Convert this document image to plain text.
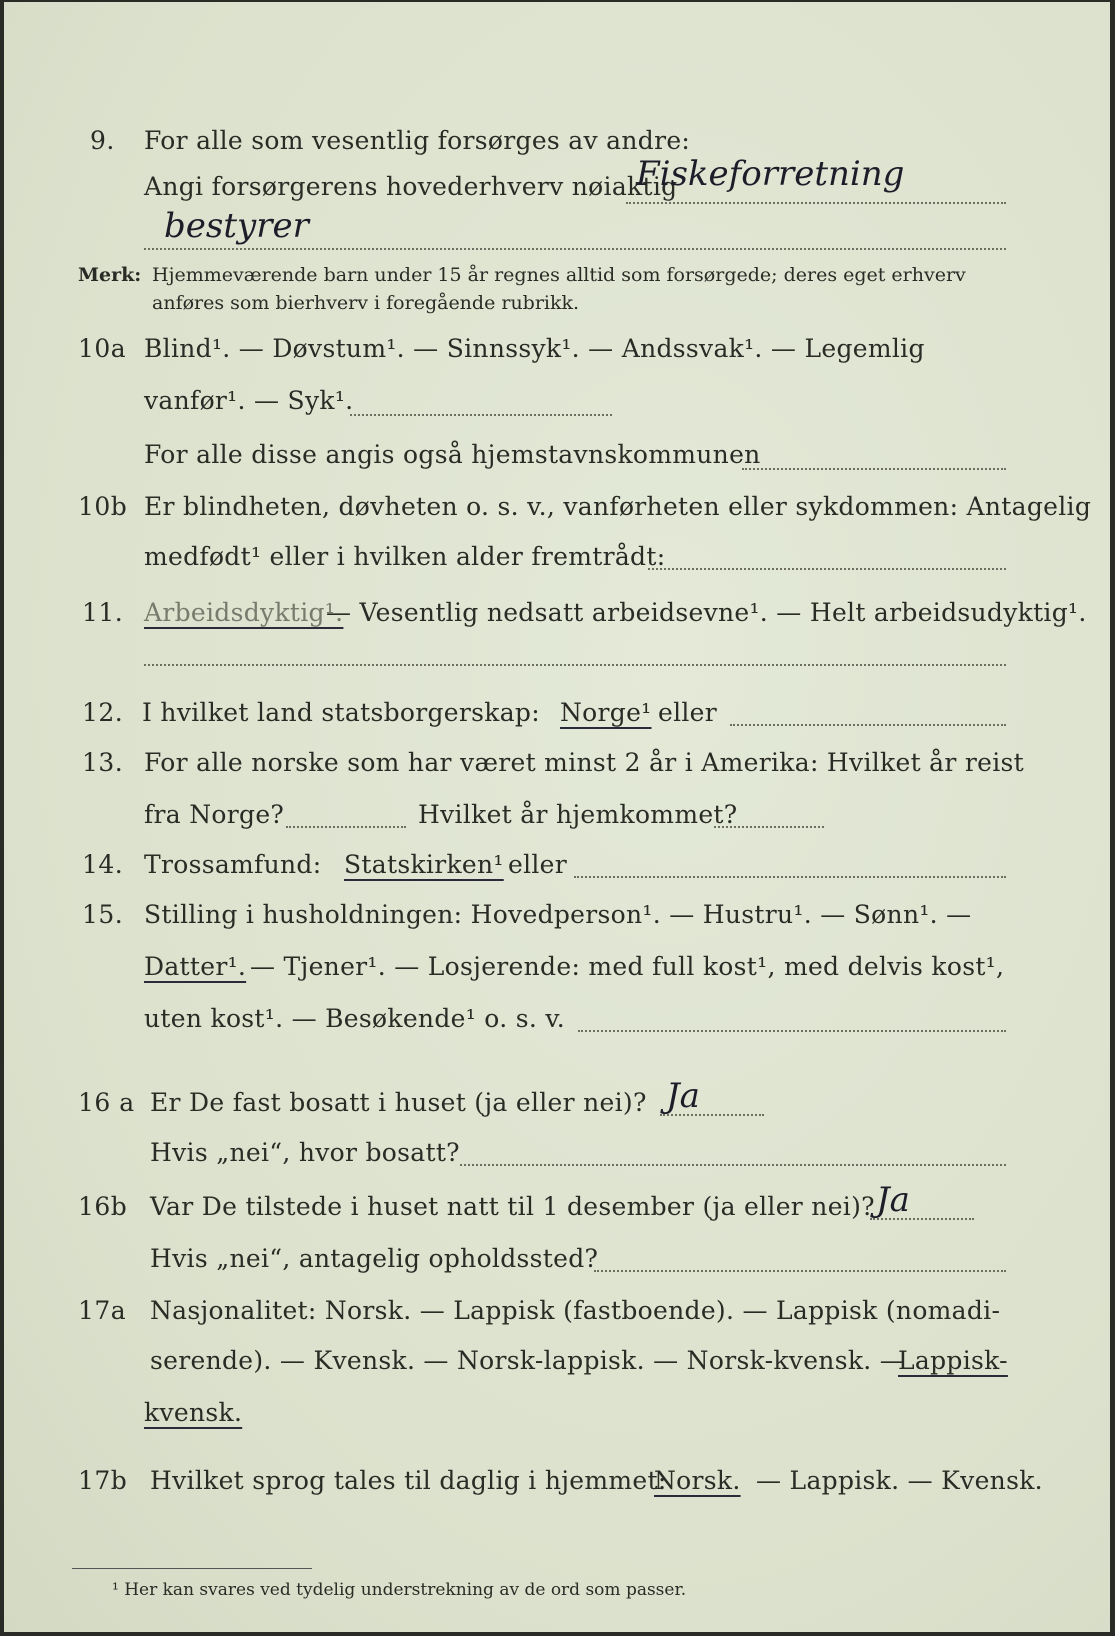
9. For alle som vesentlig forsørges av andre:
Angi forsørgerens hovederhverv nøiaktig
Fiskeforretning
bestyrer
Merk: Hjemmeværende barn under 15 år regnes alltid som forsørgede; deres eget erhverv
anføres som bierhverv i foregående rubrikk.
10a Blind¹. — Døvstum¹. — Sinnssyk¹. — Andssvak¹. — Legemlig
vanfør¹. — Syk¹.
For alle disse angis også hjemstavnskommunen
10b Er blindheten, døvheten o. s. v., vanførheten eller sykdommen: Antagelig
medfødt¹ eller i hvilken alder fremtrådt:
11. Arbeidsdyktig¹.
— Vesentlig nedsatt arbeidsevne¹. — Helt arbeidsudyktig¹.
12. I hvilket land statsborgerskap: Norge¹ eller
13. For alle norske som har været minst 2 år i Amerika: Hvilket år reist
fra Norge?	Hvilket år hjemkommet?
14. Trossamfund: Statskirken¹ eller
15. Stilling i husholdningen: Hovedperson¹. — Hustru¹. — Sønn¹. —
Datter¹. — Tjener¹. — Losjerende: med full kost¹, med delvis kost¹,
uten kost¹. — Besøkende¹ o. s. v.
16 a Er De fast bosatt i huset (ja eller nei)? Ja
Hvis „nei“, hvor bosatt?
16b Var De tilstede i huset natt til 1 desember (ja eller nei)? Ja
Hvis „nei“, antagelig opholdssted?
17a Nasjonalitet: Norsk. — Lappisk (fastboende). — Lappisk (nomadi-
serende). — Kvensk. — Norsk-lappisk. — Norsk-kvensk. —
Lappisk-
kvensk.
17b Hvilket sprog tales til daglig i hjemmet:
Norsk. — Lappisk. — Kvensk.
¹ Her kan svares ved tydelig understrekning av de ord som passer.
